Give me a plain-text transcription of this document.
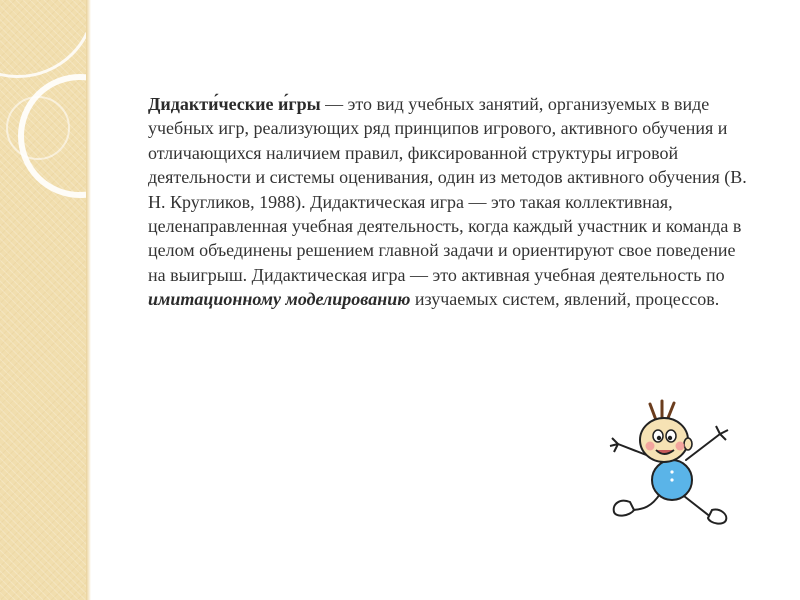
Дидакти́ческие и́гры — это вид учебных занятий, организуемых в виде учебных игр, реализующих ряд принципов игрового, активного обучения и отличающихся наличием правил, фиксированной структуры игровой деятельности и системы оценивания, один из методов активного обучения (В. Н. Кругликов, 1988). Дидактическая игра — это такая коллективная, целенаправленная учебная деятельность, когда каждый участник и команда в целом объединены решением главной задачи и ориентируют свое поведение на выигрыш. Дидактическая игра — это активная учебная деятельность по имитационному моделированию изучаемых систем, явлений, процессов.
